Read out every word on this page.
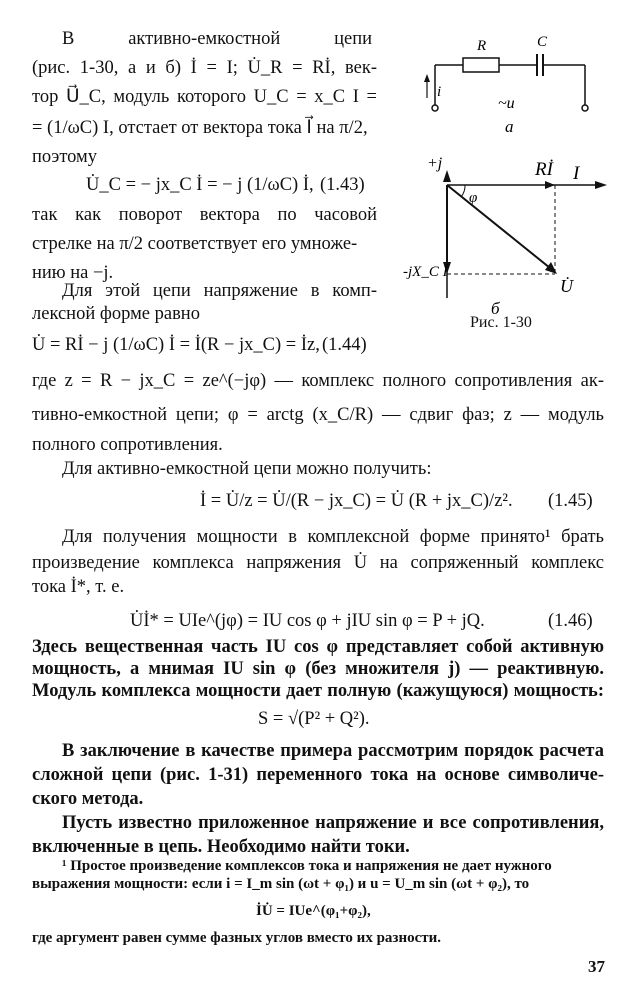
В активно-емкостной цепи
(рис. 1-30, а и б) İ = I; U̇_R = Rİ, век-
тор U⃗_C, модуль которого U_C = x_C I =
= (1/ωC) I, отстает от вектора тока I⃗ на π/2,
поэтому
U̇_C = − jx_C İ = − j (1/ωC) İ, (1.43)
так как поворот вектора по часовой
стрелке на π/2 соответствует его умноже-
нию на −j.
Для этой цепи напряжение в комп-
лексной форме равно
U̇ = Rİ − j (1/ωC) İ = İ(R − jx_C) = İz, (1.44)
R	C
i
~u
а
+j	Rİ I
φ
-jX_C İ
U̇
б
Рис. 1-30
где z = R − jx_C = ze^(−jφ) — комплекс полного сопротивления ак-
тивно-емкостной цепи; φ = arctg (x_C/R) — сдвиг фаз; z — модуль
полного сопротивления.
Для активно-емкостной цепи можно получить:
İ = U̇/z = U̇/(R − jx_C) = U̇ (R + jx_C)/z². (1.45)
Для получения мощности в комплексной форме принято¹ брать
произведение комплекса напряжения U̇ на сопряженный комплекс
тока İ*, т. е.
U̇İ* = UIe^(jφ) = IU cos φ + jIU sin φ = P + jQ.	(1.46)
Здесь вещественная часть IU cos φ представляет собой активную
мощность, а мнимая IU sin φ (без множителя j) — реактивную.
Модуль комплекса мощности дает полную (кажущуюся) мощность:
S = √(P² + Q²).
В заключение в качестве примера рассмотрим порядок расчета
сложной цепи (рис. 1-31) переменного тока на основе символиче-
ского метода.
Пусть известно приложенное напряжение и все сопротивления,
включенные в цепь. Необходимо найти токи.
¹ Простое произведение комплексов тока и напряжения не дает нужного
выражения мощности: если i = I_m sin (ωt + φ₁) и u = U_m sin (ωt + φ₂), то
İU̇ = IUe^(φ₁+φ₂),
где аргумент равен сумме фазных углов вместо их разности.
37
